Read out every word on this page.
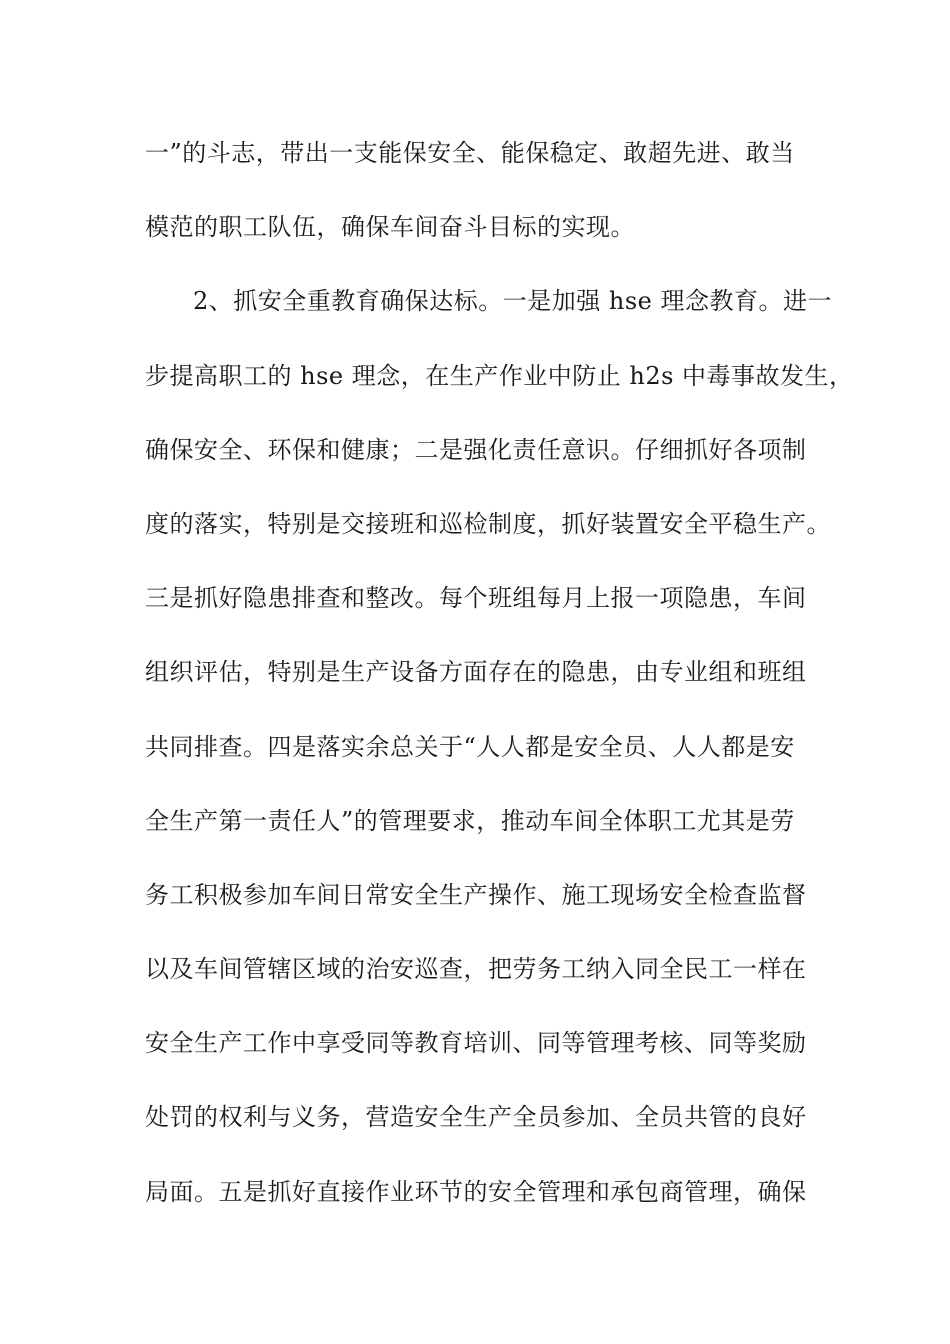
一”的斗志，带出一支能保安全、能保稳定、敢超先进、敢当
模范的职工队伍，确保车间奋斗目标的实现。
2、抓安全重教育确保达标。一是加强 hse 理念教育。进一
步提高职工的 hse 理念，在生产作业中防止 h2s 中毒事故发生，
确保安全、环保和健康；二是强化责任意识。仔细抓好各项制
度的落实，特别是交接班和巡检制度，抓好装置安全平稳生产。
三是抓好隐患排查和整改。每个班组每月上报一项隐患，车间
组织评估，特别是生产设备方面存在的隐患，由专业组和班组
共同排查。四是落实余总关于“人人都是安全员、人人都是安
全生产第一责任人”的管理要求，推动车间全体职工尤其是劳
务工积极参加车间日常安全生产操作、施工现场安全检查监督
以及车间管辖区域的治安巡查，把劳务工纳入同全民工一样在
安全生产工作中享受同等教育培训、同等管理考核、同等奖励
处罚的权利与义务，营造安全生产全员参加、全员共管的良好
局面。五是抓好直接作业环节的安全管理和承包商管理，确保
